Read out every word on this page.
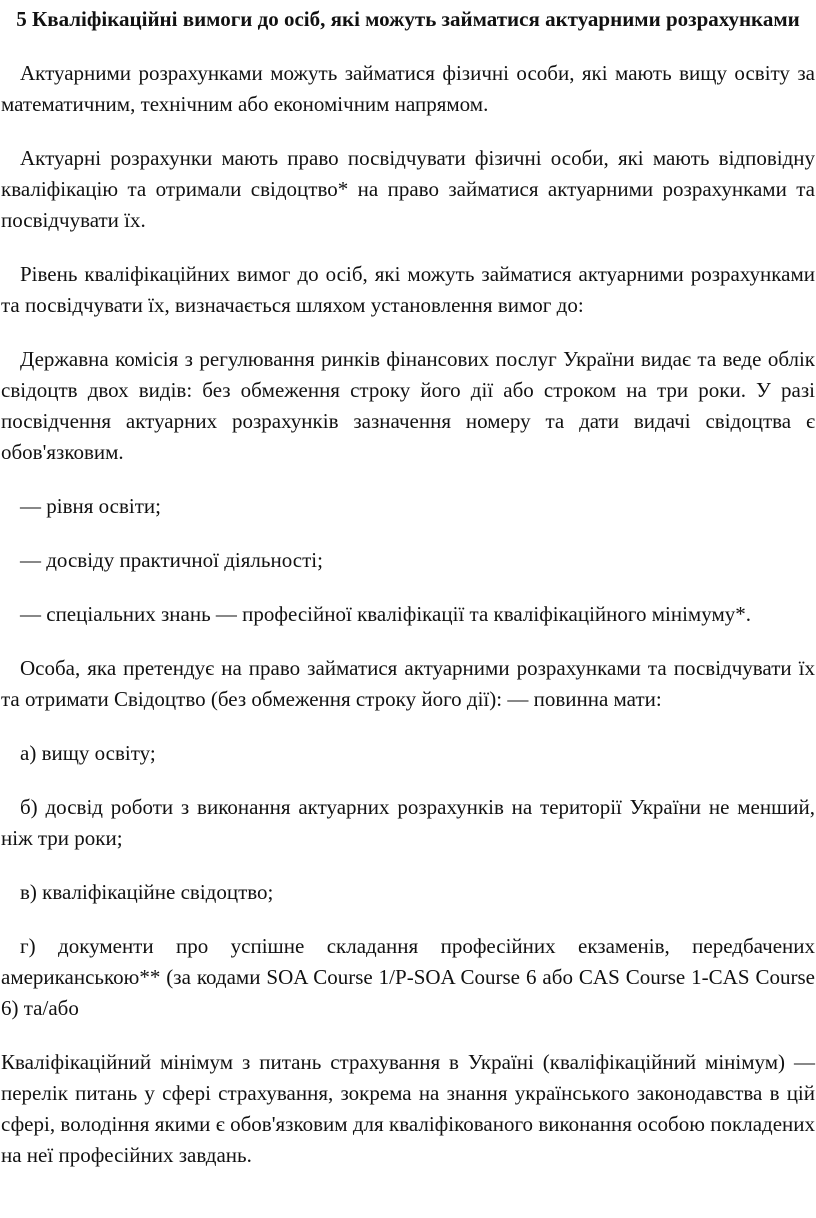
5 Кваліфікаційні вимоги до осіб, які можуть займатися актуарними розрахунками

Актуарними розрахунками можуть займатися фізичні особи, які мають вищу освіту за математичним, технічним або економічним напрямом.

Актуарні розрахунки мають право посвідчувати фізичні особи, які мають відповідну кваліфікацію та отримали свідоцтво* на право займатися актуарними розрахунками та посвідчувати їх.

Рівень кваліфікаційних вимог до осіб, які можуть займатися актуарними розрахунками та посвідчувати їх, визначається шляхом установлення вимог до:

Державна комісія з регулювання ринків фінансових послуг України видає та веде облік свідоцтв двох видів: без обмеження строку його дії або строком на три роки. У разі посвідчення актуарних розрахунків зазначення номеру та дати видачі свідоцтва є обов'язковим.

— рівня освіти;

— досвіду практичної діяльності;

— спеціальних знань — професійної кваліфікації та кваліфікаційного мінімуму*.

Особа, яка претендує на право займатися актуарними розрахунками та посвідчувати їх та отримати Свідоцтво (без обмеження строку його дії): — повинна мати:

а) вищу освіту;

б) досвід роботи з виконання актуарних розрахунків на території України не менший, ніж три роки;

в) кваліфікаційне свідоцтво;

г) документи про успішне складання професійних екзаменів, передбачених американською** (за кодами SOA Course 1/P-SOA Course 6 або CAS Course 1-CAS Course 6) та/або

Кваліфікаційний мінімум з питань страхування в Україні (кваліфікаційний мінімум) — перелік питань у сфері страхування, зокрема на знання українського законодавства в цій сфері, володіння якими є обов'язковим для кваліфікованого виконання особою покладених на неї професійних завдань.
